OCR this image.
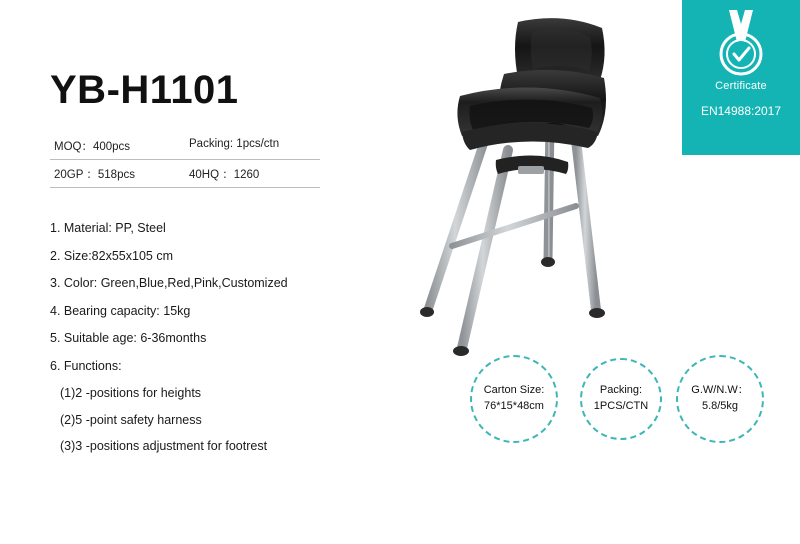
Certificate
EN14988:2017
YB-H1101
MOQ：400pcs	Packing: 1pcs/ctn
20GP ：518pcs	40HQ ：1260
1. Material: PP, Steel
2. Size:82x55x105 cm
3. Color: Green,Blue,Red,Pink,Customized
4. Bearing capacity: 15kg
5. Suitable age: 6-36months
6. Functions:
(1)2 -positions for heights
(2)5 -point safety harness
(3)3 -positions adjustment for footrest
Carton Size:
76*15*48cm
Packing:
1PCS/CTN
G.W/N.W：
5.8/5kg
